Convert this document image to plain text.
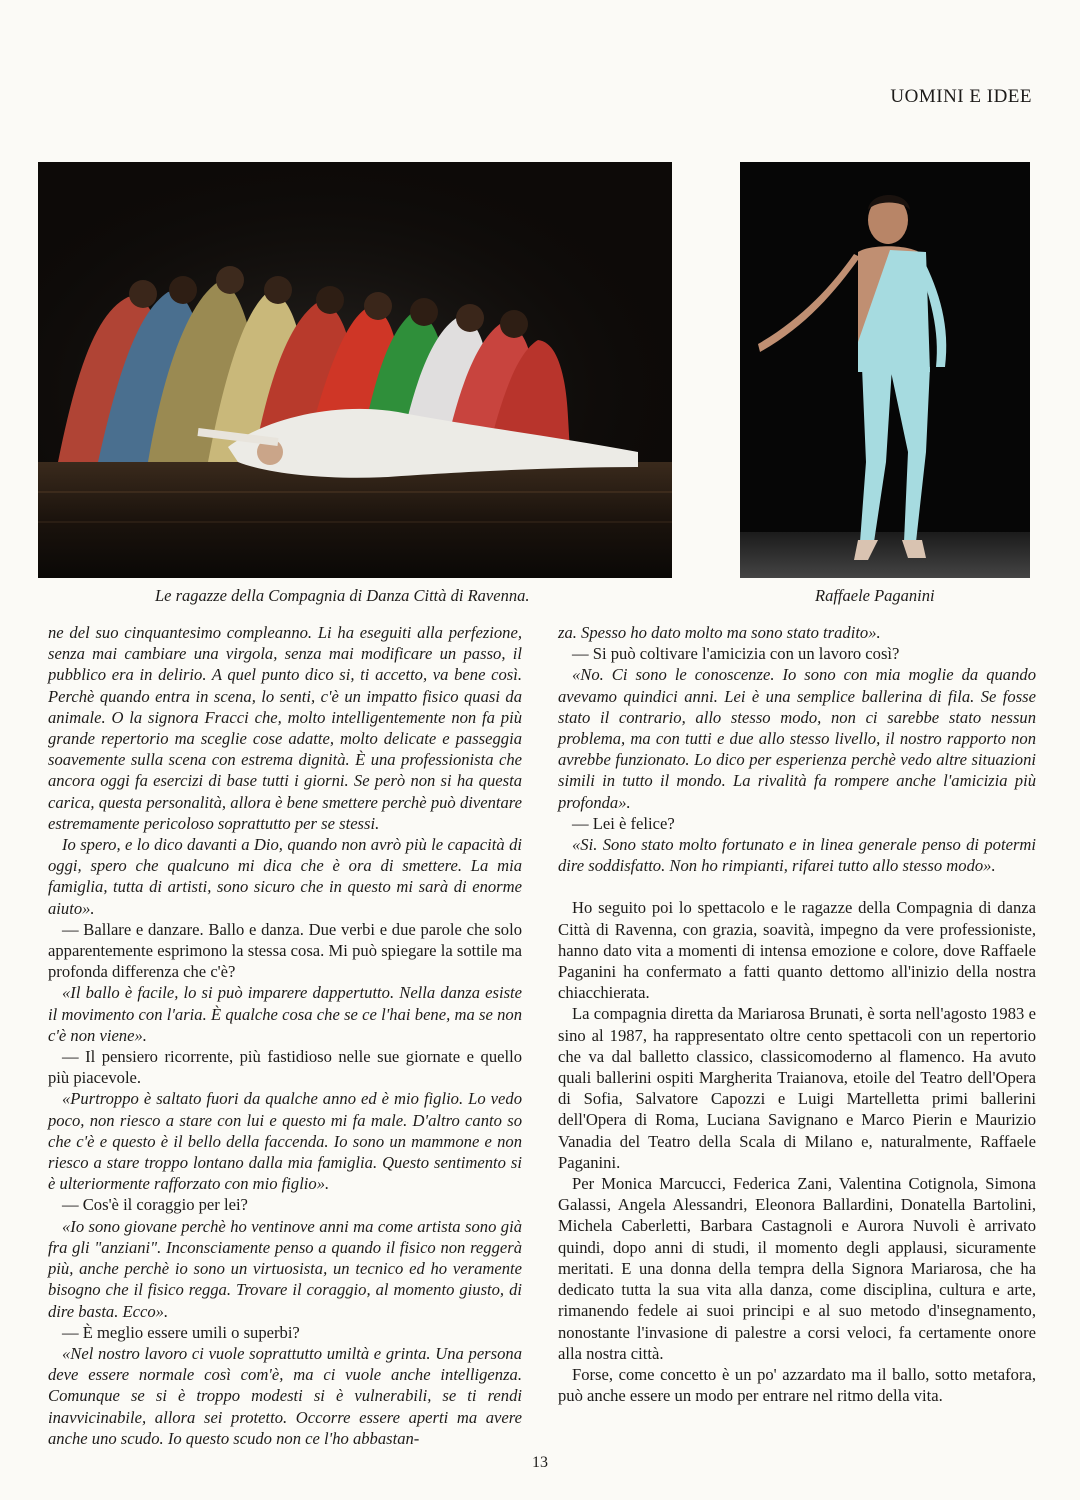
UOMINI E IDEE
Le ragazze della Compagnia di Danza Città di Ravenna.	Raffaele Paganini

ne del suo cinquantesimo compleanno. Li ha eseguiti alla perfezione, senza mai cambiare una virgola, senza mai modificare un passo, il pubblico era in delirio. A quel punto dico si, ti accetto, va bene così. Perchè quando entra in scena, lo senti, c'è un impatto fisico quasi da animale. O la signora Fracci che, molto intelligentemente non fa più grande repertorio ma sceglie cose adatte, molto delicate e passeggia soavemente sulla scena con estrema dignità. È una professionista che ancora oggi fa esercizi di base tutti i giorni. Se però non si ha questa carica, questa personalità, allora è bene smettere perchè può diventare estremamente pericoloso soprattutto per se stessi.

Io spero, e lo dico davanti a Dio, quando non avrò più le capacità di oggi, spero che qualcuno mi dica che è ora di smettere. La mia famiglia, tutta di artisti, sono sicuro che in questo mi sarà di enorme aiuto».

— Ballare e danzare. Ballo e danza. Due verbi e due parole che solo apparentemente esprimono la stessa cosa. Mi può spiegare la sottile ma profonda differenza che c'è?

«Il ballo è facile, lo si può imparere dappertutto. Nella danza esiste il movimento con l'aria. È qualche cosa che se ce l'hai bene, ma se non c'è non viene».

— Il pensiero ricorrente, più fastidioso nelle sue giornate e quello più piacevole.

«Purtroppo è saltato fuori da qualche anno ed è mio figlio. Lo vedo poco, non riesco a stare con lui e questo mi fa male. D'altro canto so che c'è e questo è il bello della faccenda. Io sono un mammone e non riesco a stare troppo lontano dalla mia famiglia. Questo sentimento si è ulteriormente rafforzato con mio figlio».

— Cos'è il coraggio per lei?

«Io sono giovane perchè ho ventinove anni ma come artista sono già fra gli "anziani". Inconsciamente penso a quando il fisico non reggerà più, anche perchè io sono un virtuosista, un tecnico ed ho veramente bisogno che il fisico regga. Trovare il coraggio, al momento giusto, di dire basta. Ecco».

— È meglio essere umili o superbi?

«Nel nostro lavoro ci vuole soprattutto umiltà e grinta. Una persona deve essere normale così com'è, ma ci vuole anche intelligenza. Comunque se si è troppo modesti si è vulnerabili, se ti rendi inavvicinabile, allora sei protetto. Occorre essere aperti ma avere anche uno scudo. Io questo scudo non ce l'ho abbastan-

za. Spesso ho dato molto ma sono stato tradito».

— Si può coltivare l'amicizia con un lavoro così?

«No. Ci sono le conoscenze. Io sono con mia moglie da quando avevamo quindici anni. Lei è una semplice ballerina di fila. Se fosse stato il contrario, allo stesso modo, non ci sarebbe stato nessun problema, ma con tutti e due allo stesso livello, il nostro rapporto non avrebbe funzionato. Lo dico per esperienza perchè vedo altre situazioni simili in tutto il mondo. La rivalità fa rompere anche l'amicizia più profonda».

— Lei è felice?

«Si. Sono stato molto fortunato e in linea generale penso di potermi dire soddisfatto. Non ho rimpianti, rifarei tutto allo stesso modo».

Ho seguito poi lo spettacolo e le ragazze della Compagnia di danza Città di Ravenna, con grazia, soavità, impegno da vere professioniste, hanno dato vita a momenti di intensa emozione e colore, dove Raffaele Paganini ha confermato a fatti quanto dettomo all'inizio della nostra chiacchierata.

La compagnia diretta da Mariarosa Brunati, è sorta nell'agosto 1983 e sino al 1987, ha rappresentato oltre cento spettacoli con un repertorio che va dal balletto classico, classicomoderno al flamenco. Ha avuto quali ballerini ospiti Margherita Traianova, etoile del Teatro dell'Opera di Sofia, Salvatore Capozzi e Luigi Martelletta primi ballerini dell'Opera di Roma, Luciana Savignano e Marco Pierin e Maurizio Vanadia del Teatro della Scala di Milano e, naturalmente, Raffaele Paganini.

Per Monica Marcucci, Federica Zani, Valentina Cotignola, Simona Galassi, Angela Alessandri, Eleonora Ballardini, Donatella Bartolini, Michela Caberletti, Barbara Castagnoli e Aurora Nuvoli è arrivato quindi, dopo anni di studi, il momento degli applausi, sicuramente meritati. E una donna della tempra della Signora Mariarosa, che ha dedicato tutta la sua vita alla danza, come disciplina, cultura e arte, rimanendo fedele ai suoi principi e al suo metodo d'insegnamento, nonostante l'invasione di palestre a corsi veloci, fa certamente onore alla nostra città.

Forse, come concetto è un po' azzardato ma il ballo, sotto metafora, può anche essere un modo per entrare nel ritmo della vita.

13
